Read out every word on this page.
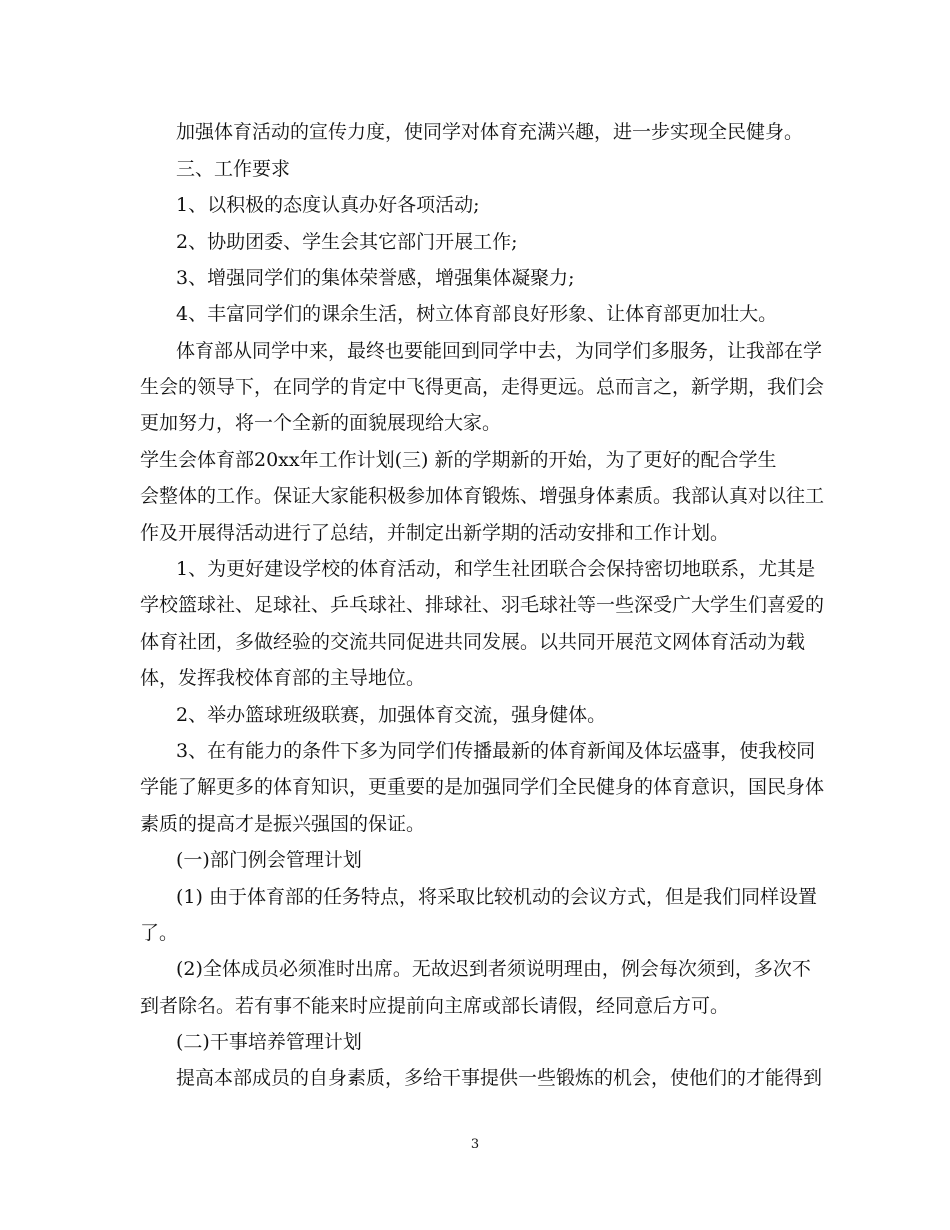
加强体育活动的宣传力度，使同学对体育充满兴趣，进一步实现全民健身。
三、工作要求
1、以积极的态度认真办好各项活动;
2、协助团委、学生会其它部门开展工作;
3、增强同学们的集体荣誉感，增强集体凝聚力;
4、丰富同学们的课余生活，树立体育部良好形象、让体育部更加壮大。
体育部从同学中来，最终也要能回到同学中去，为同学们多服务，让我部在学
生会的领导下，在同学的肯定中飞得更高，走得更远。总而言之，新学期，我们会
更加努力，将一个全新的面貌展现给大家。
学生会体育部20xx年工作计划(三) 新的学期新的开始，为了更好的配合学生
会整体的工作。保证大家能积极参加体育锻炼、增强身体素质。我部认真对以往工
作及开展得活动进行了总结，并制定出新学期的活动安排和工作计划。
1、为更好建设学校的体育活动，和学生社团联合会保持密切地联系，尤其是
学校篮球社、足球社、乒乓球社、排球社、羽毛球社等一些深受广大学生们喜爱的
体育社团，多做经验的交流共同促进共同发展。以共同开展范文网体育活动为载
体，发挥我校体育部的主导地位。
2、举办篮球班级联赛，加强体育交流，强身健体。
3、在有能力的条件下多为同学们传播最新的体育新闻及体坛盛事，使我校同
学能了解更多的体育知识，更重要的是加强同学们全民健身的体育意识，国民身体
素质的提高才是振兴强国的保证。
(一)部门例会管理计划
(1) 由于体育部的任务特点，将采取比较机动的会议方式，但是我们同样设置
了。
(2)全体成员必须准时出席。无故迟到者须说明理由，例会每次须到，多次不
到者除名。若有事不能来时应提前向主席或部长请假，经同意后方可。
(二)干事培养管理计划
提高本部成员的自身素质，多给干事提供一些锻炼的机会，使他们的才能得到
3
